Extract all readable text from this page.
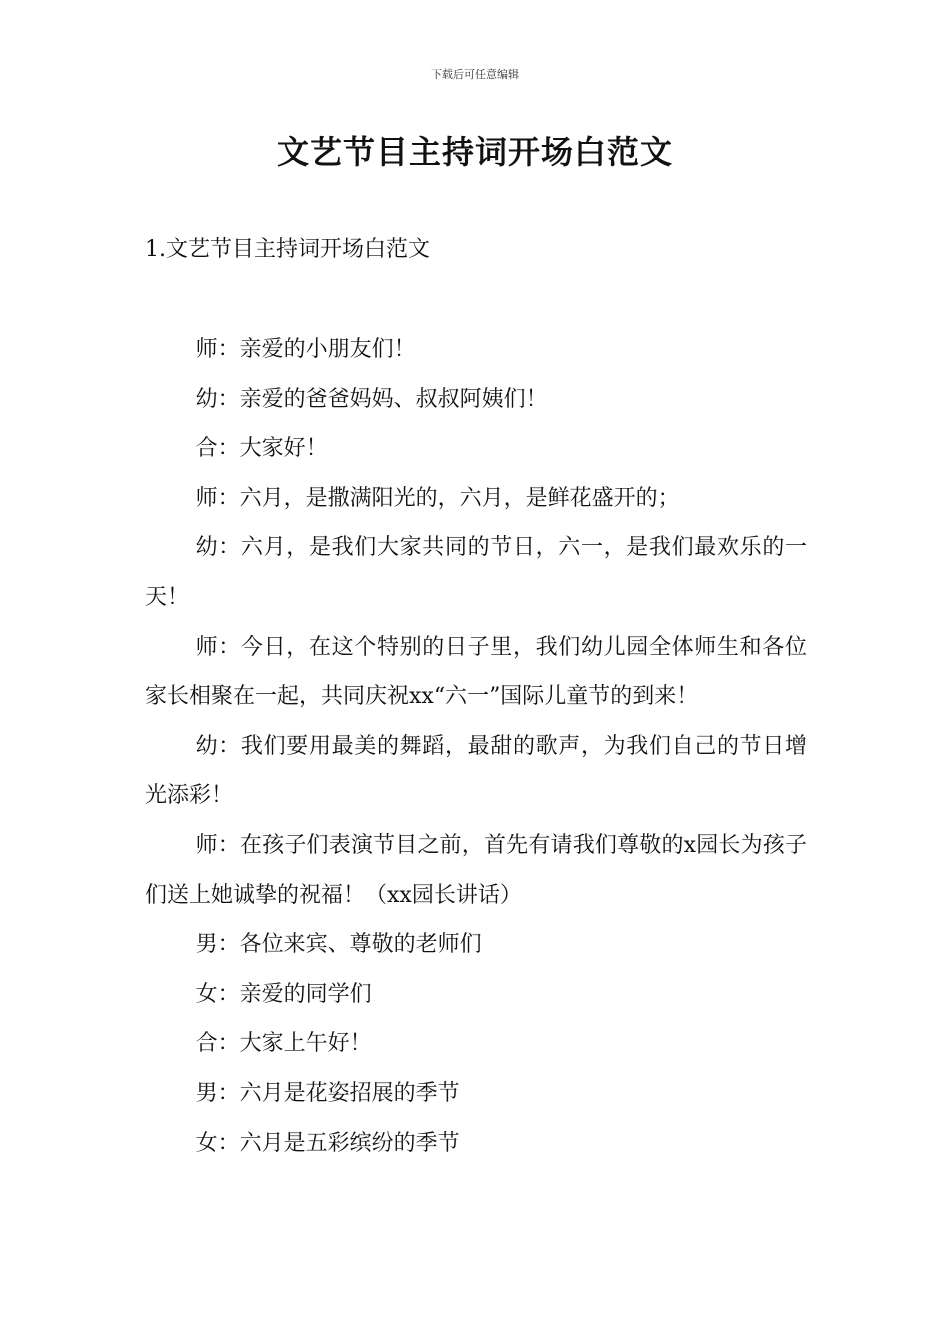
下载后可任意编辑
文艺节目主持词开场白范文
1.文艺节目主持词开场白范文

师：亲爱的小朋友们！

幼：亲爱的爸爸妈妈、叔叔阿姨们！

合：大家好！

师：六月，是撒满阳光的，六月，是鲜花盛开的；

幼：六月，是我们大家共同的节日，六一，是我们最欢乐的一天！

师：今日，在这个特别的日子里，我们幼儿园全体师生和各位家长相聚在一起，共同庆祝xx“六一”国际儿童节的到来！

幼：我们要用最美的舞蹈，最甜的歌声，为我们自己的节日增光添彩！

师：在孩子们表演节目之前，首先有请我们尊敬的x园长为孩子们送上她诚挚的祝福！（xx园长讲话）

男：各位来宾、尊敬的老师们

女：亲爱的同学们

合：大家上午好！

男：六月是花姿招展的季节

女：六月是五彩缤纷的季节
